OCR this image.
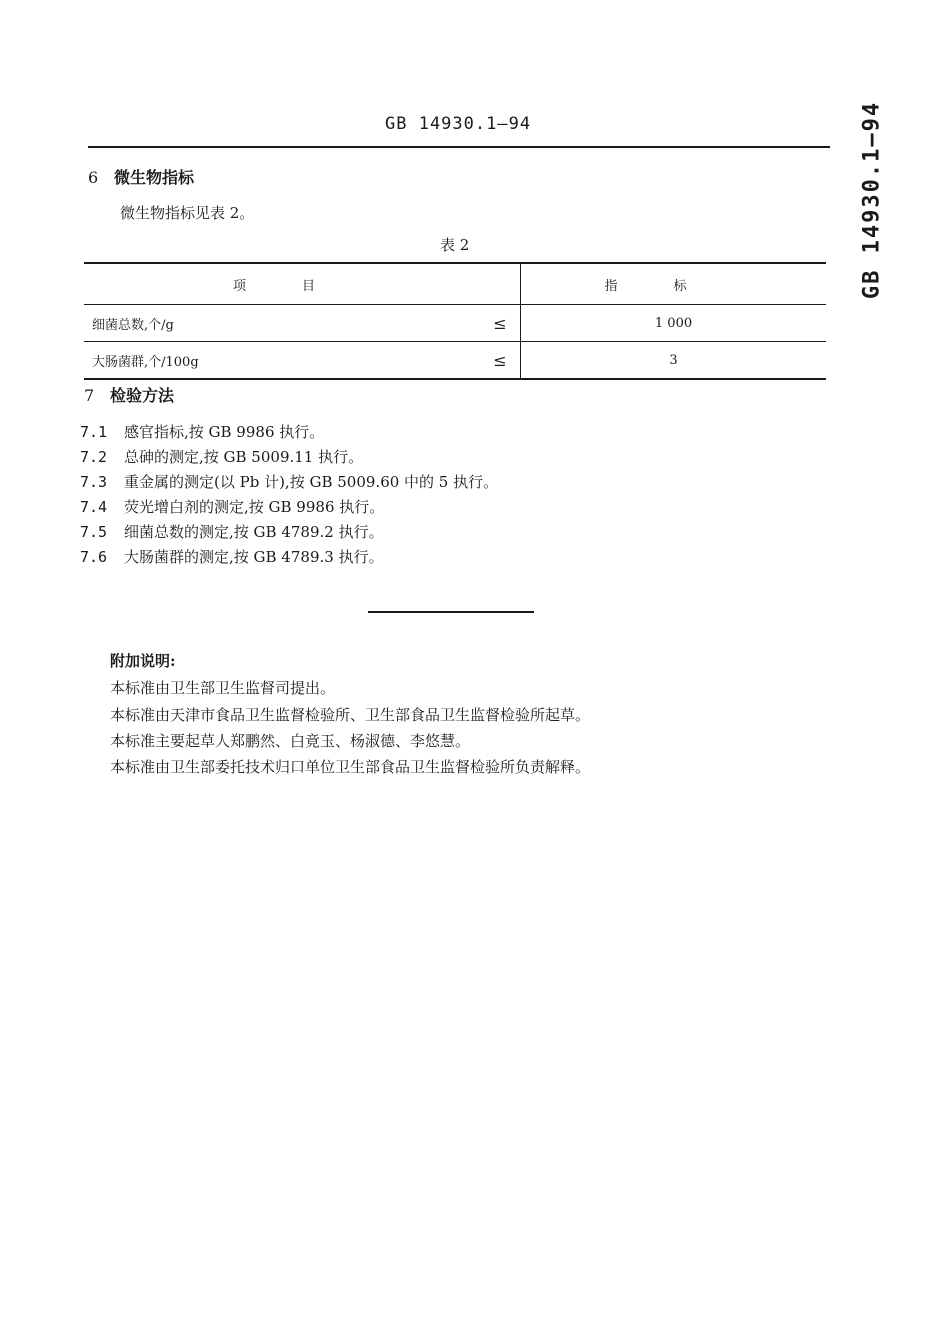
GB 14930.1—94	GB 14930.1—94
6 微生物指标
微生物指标见表 2。
表 2
项目		指标
细菌总数,个/g	≤	1 000
大肠菌群,个/100g	≤	3
7 检验方法
7.1 感官指标,按 GB 9986 执行。
7.2 总砷的测定,按 GB 5009.11 执行。
7.3 重金属的测定(以 Pb 计),按 GB 5009.60 中的 5 执行。
7.4 荧光增白剂的测定,按 GB 9986 执行。
7.5 细菌总数的测定,按 GB 4789.2 执行。
7.6 大肠菌群的测定,按 GB 4789.3 执行。
附加说明:
本标准由卫生部卫生监督司提出。
本标准由天津市食品卫生监督检验所、卫生部食品卫生监督检验所起草。
本标准主要起草人郑鹏然、白竟玉、杨淑德、李悠慧。
本标准由卫生部委托技术归口单位卫生部食品卫生监督检验所负责解释。
